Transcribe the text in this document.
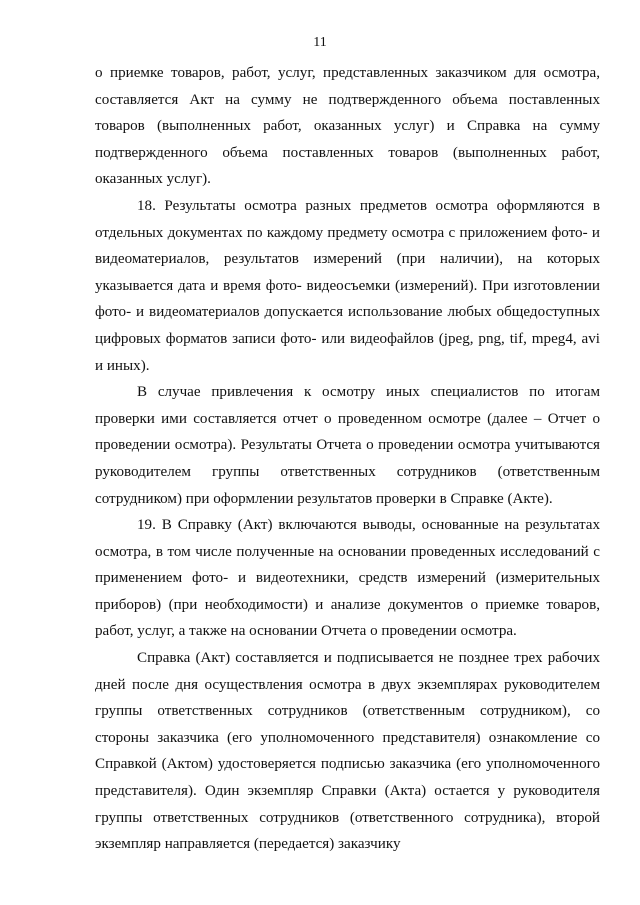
11

о приемке товаров, работ, услуг, представленных заказчиком для осмотра, составляется Акт на сумму не подтвержденного объема поставленных товаров (выполненных работ, оказанных услуг) и Справка на сумму подтвержденного объема поставленных товаров (выполненных работ, оказанных услуг).

18. Результаты осмотра разных предметов осмотра оформляются в отдельных документах по каждому предмету осмотра с приложением фото- и видеоматериалов, результатов измерений (при наличии), на которых указывается дата и время фото- видеосъемки (измерений). При изготовлении фото- и видеоматериалов допускается использование любых общедоступных цифровых форматов записи фото- или видеофайлов (jpeg, png, tif, mpeg4, avi и иных).

В случае привлечения к осмотру иных специалистов по итогам проверки ими составляется отчет о проведенном осмотре (далее – Отчет о проведении осмотра). Результаты Отчета о проведении осмотра учитываются руководителем группы ответственных сотрудников (ответственным сотрудником) при оформлении результатов проверки в Справке (Акте).

19. В Справку (Акт) включаются выводы, основанные на результатах осмотра, в том числе полученные на основании проведенных исследований с применением фото- и видеотехники, средств измерений (измерительных приборов) (при необходимости) и анализе документов о приемке товаров, работ, услуг, а также на основании Отчета о проведении осмотра.

Справка (Акт) составляется и подписывается не позднее трех рабочих дней после дня осуществления осмотра в двух экземплярах руководителем группы ответственных сотрудников (ответственным сотрудником), со стороны заказчика (его уполномоченного представителя) ознакомление со Справкой (Актом) удостоверяется подписью заказчика (его уполномоченного представителя). Один экземпляр Справки (Акта) остается у руководителя группы ответственных сотрудников (ответственного сотрудника), второй экземпляр направляется (передается) заказчику
